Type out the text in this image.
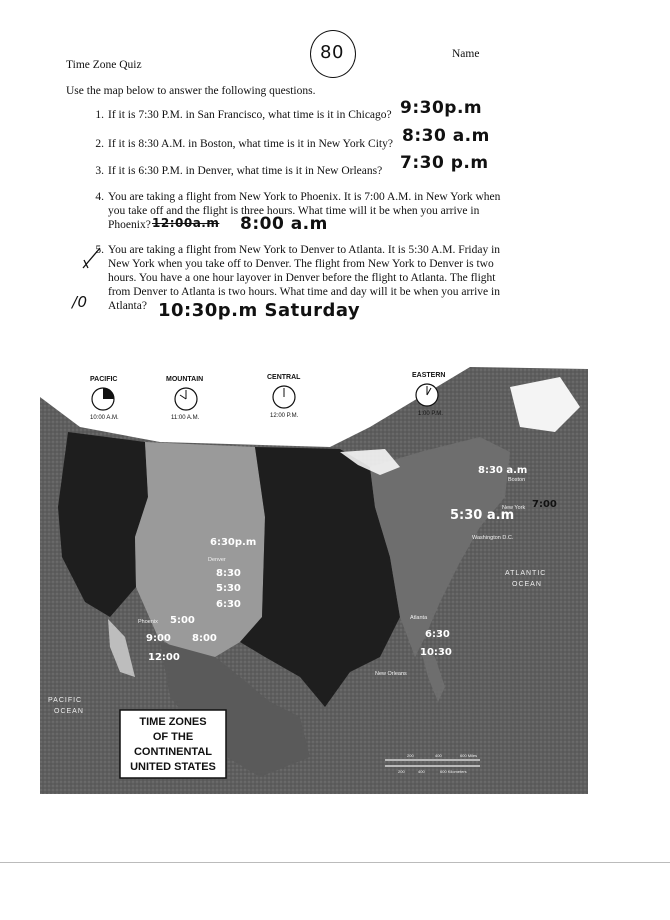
Time Zone Quiz
Name
80
Use the map below to answer the following questions.
1. If it is 7:30 P.M. in San Francisco, what time is it in Chicago? 9:30p.m
2. If it is 8:30 A.M. in Boston, what time is it in New York City? 8:30 a.m
3. If it is 6:30 P.M. in Denver, what time is it in New Orleans? 7:30 p.m
4. You are taking a flight from New York to Phoenix. It is 7:00 A.M. in New York when
you take off and the flight is three hours. What time will it be when you arrive in
Phoenix? 12:00a.m 8:00 a.m
5. You are taking a flight from New York to Denver to Atlanta. It is 5:30 A.M. Friday in
New York when you take off to Denver. The flight from New York to Denver is two
hours. You have a one hour layover in Denver before the flight to Atlanta. The flight
from Denver to Atlanta is two hours. What time and day will it be when you arrive in
Atlanta?
/0	10:30p.m Saturday
PACIFIC
10:00 A.M.
MOUNTAIN
11:00 A.M.
CENTRAL
12:00 P.M.
EASTERN
1:00 P.M.
Denver
Phoenix
New Orleans
Atlanta
Boston
New York
Washington D.C.
PACIFIC
OCEAN
ATLANTIC
OCEAN
8:30 a.m
5:30 a.m
7:00
6:30p.m
8:30
5:30
6:30
5:00
9:00 8:00
12:00
6:30
10:30
TIME ZONES
OF THE
CONTINENTAL
UNITED STATES
200	400	600 Miles
200	400	600 Kilometers
